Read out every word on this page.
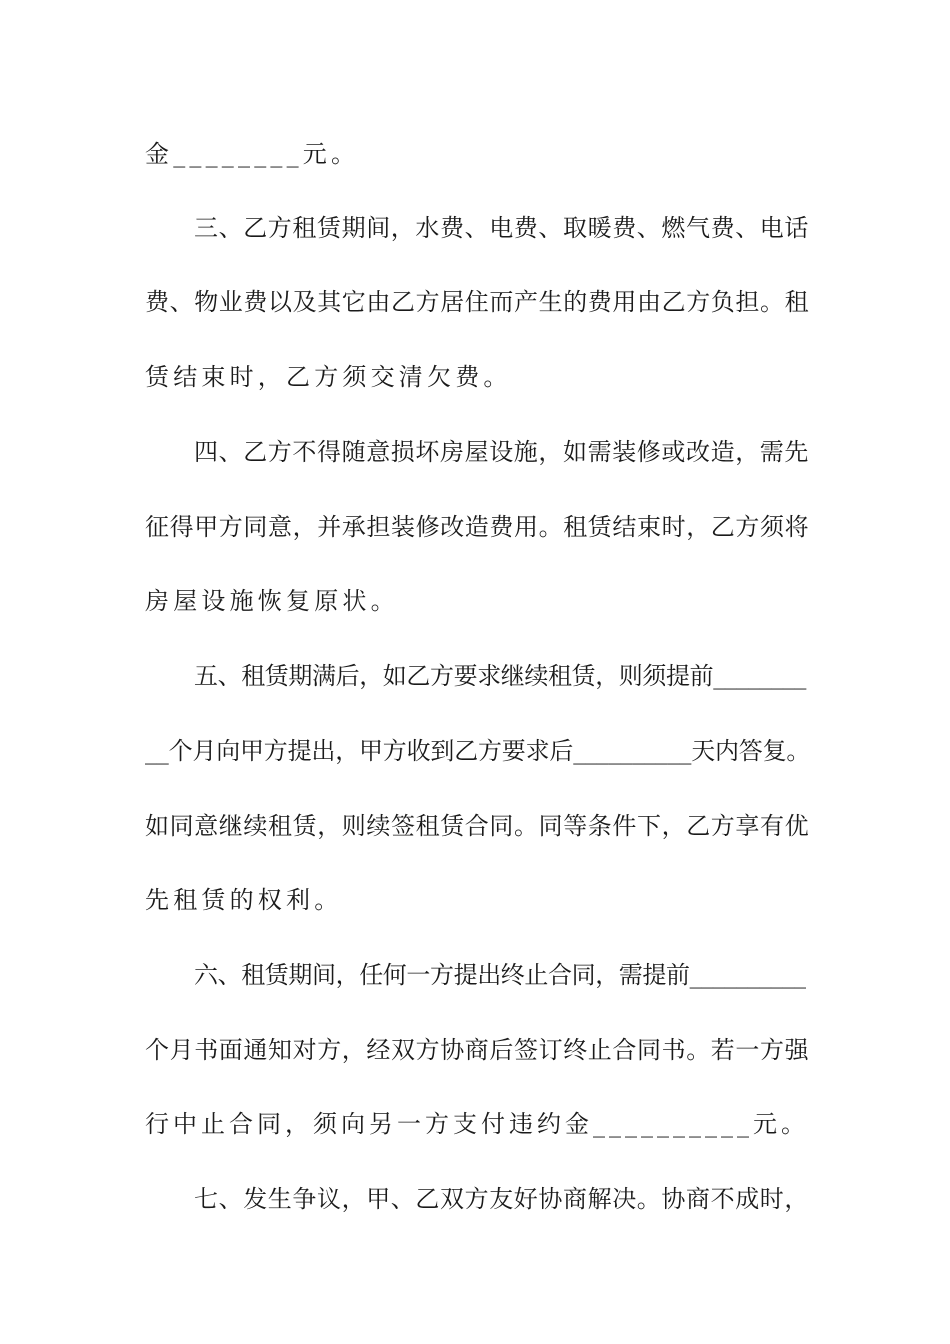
金________元。
三、乙方租赁期间，水费、电费、取暖费、燃气费、电话
费、物业费以及其它由乙方居住而产生的费用由乙方负担。租
赁结束时，乙方须交清欠费。
四、乙方不得随意损坏房屋设施，如需装修或改造，需先
征得甲方同意，并承担装修改造费用。租赁结束时，乙方须将
房屋设施恢复原状。
五、租赁期满后，如乙方要求继续租赁，则须提前________
__个月向甲方提出，甲方收到乙方要求后__________天内答复。
如同意继续租赁，则续签租赁合同。同等条件下，乙方享有优
先租赁的权利。
六、租赁期间，任何一方提出终止合同，需提前__________
个月书面通知对方，经双方协商后签订终止合同书。若一方强
行中止合同，须向另一方支付违约金__________元。
七、发生争议，甲、乙双方友好协商解决。协商不成时，
